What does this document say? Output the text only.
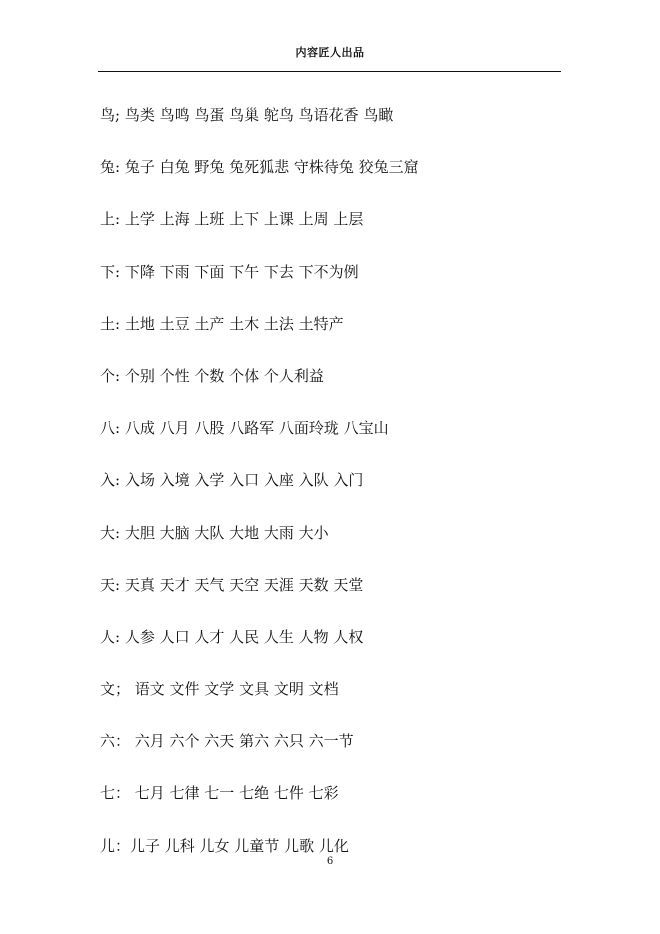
内容匠人出品
鸟; 鸟类 鸟鸣 鸟蛋 鸟巢 鸵鸟 鸟语花香 鸟瞰
兔: 兔子 白兔 野兔 兔死狐悲 守株待兔 狡兔三窟
上: 上学 上海 上班 上下 上课 上周 上层
下: 下降 下雨 下面 下午 下去 下不为例
土: 土地 土豆 土产 土木 土法 土特产
个: 个别 个性 个数 个体 个人利益
八: 八成 八月 八股 八路军 八面玲珑 八宝山
入: 入场 入境 入学 入口 入座 入队 入门
大: 大胆 大脑 大队 大地 大雨 大小
天: 天真 天才 天气 天空 天涯 天数 天堂
人: 人参 人口 人才 人民 人生 人物 人权
文； 语文 文件 文学 文具 文明 文档
六： 六月 六个 六天 第六 六只 六一节
七： 七月 七律 七一 七绝 七件 七彩
儿：儿子 儿科 儿女 儿童节 儿歌 儿化
6
